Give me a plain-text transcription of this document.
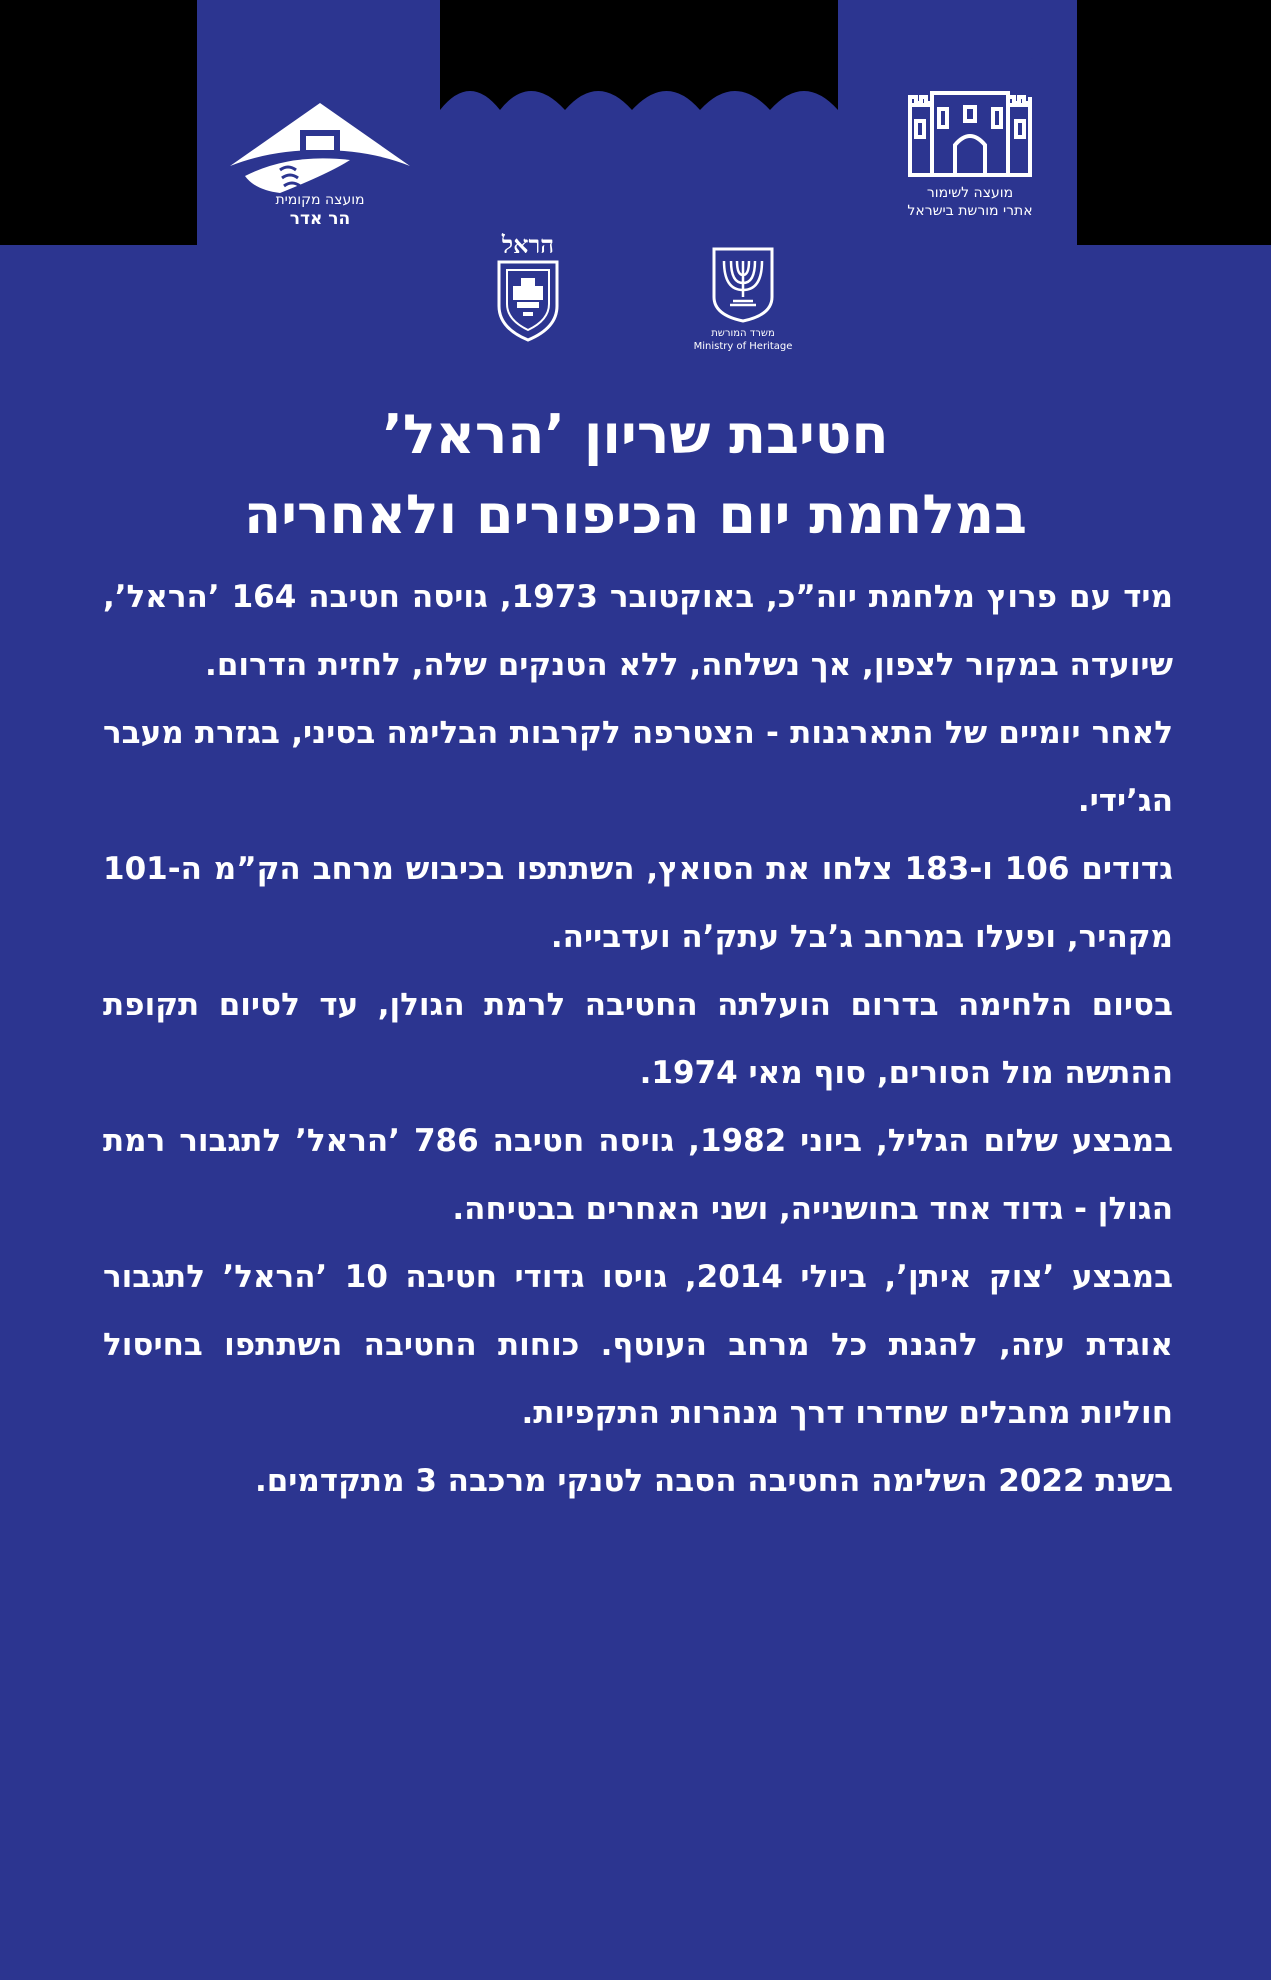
מועצה לשימור
אתרי מורשת בישראל
מועצה מקומית
הר אדר
משרד המורשת
Ministry of Heritage
הראל
חטיבת שריון ’הראל’
במלחמת יום הכיפורים ולאחריה

מיד עם פרוץ מלחמת יוה”כ, באוקטובר 1973, גויסה חטיבה 164 ’הראל’, שיועדה במקור לצפון, אך נשלחה, ללא הטנקים שלה, לחזית הדרום.

לאחר יומיים של התארגנות - הצטרפה לקרבות הבלימה בסיני, בגזרת מעבר הג’ידי.

גדודים 106 ו-183 צלחו את הסואץ, השתתפו בכיבוש מרחב הק”מ ה-101 מקהיר, ופעלו במרחב ג’בל עתק’ה ועדבייה.

בסיום הלחימה בדרום הועלתה החטיבה לרמת הגולן, עד לסיום תקופת ההתשה מול הסורים, סוף מאי 1974.

במבצע שלום הגליל, ביוני 1982, גויסה חטיבה 786 ’הראל’ לתגבור רמת הגולן - גדוד אחד בחושנייה, ושני האחרים בבטיחה.

במבצע ’צוק איתן’, ביולי 2014, גויסו גדודי חטיבה 10 ’הראל’ לתגבור אוגדת עזה, להגנת כל מרחב העוטף. כוחות החטיבה השתתפו בחיסול חוליות מחבלים שחדרו דרך מנהרות התקפיות.

בשנת 2022 השלימה החטיבה הסבה לטנקי מרכבה 3 מתקדמים.
